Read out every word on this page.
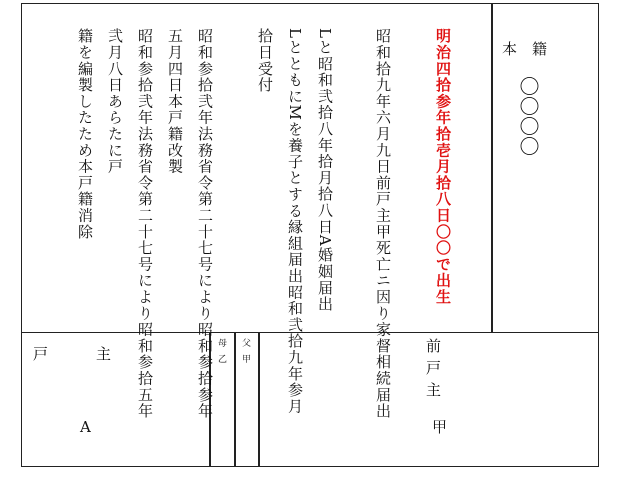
本　籍
〇〇〇〇
明治四拾参年拾壱月拾八日〇〇で出生
昭和拾九年六月九日前戸主甲死亡ニ因り家督相続届出
Lと昭和弐拾八年拾月拾八日A婚姻届出
LとともにMを養子とする縁組届出昭和弐拾九年参月
拾日受付
昭和参拾弐年法務省令第二十七号により昭和参拾参年
五月四日本戸籍改製
昭和参拾弐年法務省令第二十七号により昭和参拾五年
弐月八日あらたに戸
籍を編製したため本戸籍消除
戸　　主
A
母
乙
父
甲	前戸主
甲
